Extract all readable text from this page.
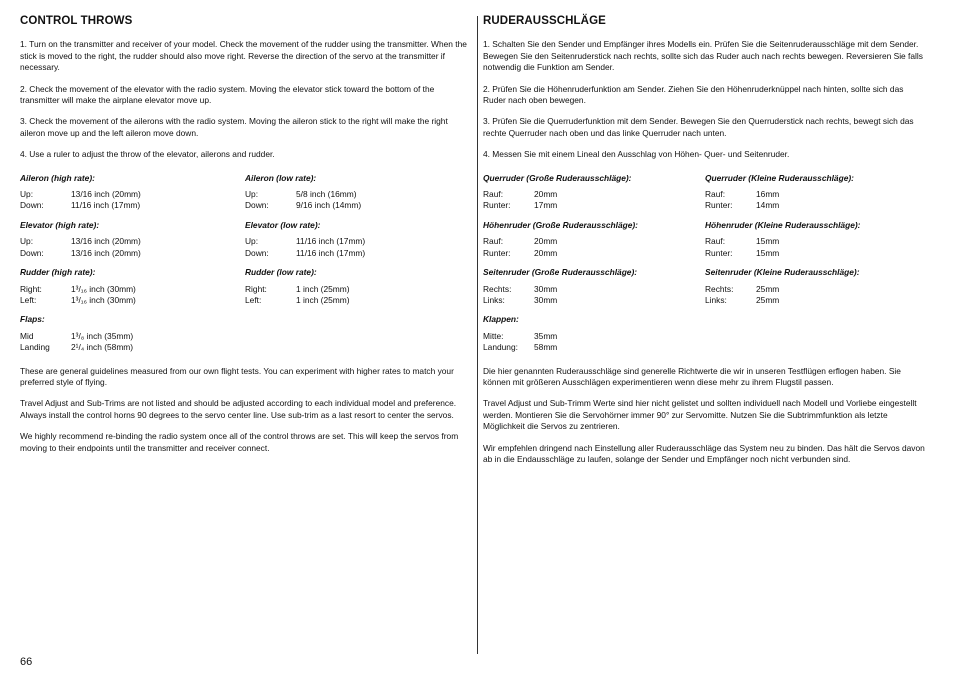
CONTROL THROWS

1. Turn on the transmitter and receiver of your model. Check the movement of the rudder using the transmitter. When the stick is moved to the right, the rudder should also move right. Reverse the direction of the servo at the transmitter if necessary.

2. Check the movement of the elevator with the radio system. Moving the elevator stick toward the bottom of the transmitter will make the airplane elevator move up.

3. Check the movement of the ailerons with the radio system. Moving the aileron stick to the right will make the right aileron move up and the left aileron move down.

4. Use a ruler to adjust the throw of the elevator, ailerons and rudder.

Aileron (high rate):
Up:	13/16 inch (20mm)
Down:	11/16 inch (17mm)
Aileron (low rate):
Up:	5/8 inch (16mm)
Down:	9/16 inch (14mm)
Elevator (high rate):
Up:	13/16 inch (20mm)
Down:	13/16 inch (20mm)
Elevator (low rate):
Up:	11/16 inch (17mm)
Down:	11/16 inch (17mm)
Rudder (high rate):
Right:	1³/₁₆ inch (30mm)
Left:	1³/₁₆ inch (30mm)
Rudder (low rate):
Right:	1 inch (25mm)
Left:	1 inch (25mm)
Flaps:
Mid	1³/₈ inch (35mm)
Landing	2¹/₄ inch (58mm)

These are general guidelines measured from our own flight tests. You can experiment with higher rates to match your preferred style of flying.

Travel Adjust and Sub-Trims are not listed and should be adjusted according to each individual model and preference. Always install the control horns 90 degrees to the servo center line. Use sub-trim as a last resort to center the servos.

We highly recommend re-binding the radio system once all of the control throws are set. This will keep the servos from moving to their endpoints until the transmitter and receiver connect.

RUDERAUSSCHLÄGE

1. Schalten Sie den Sender und Empfänger ihres Modells ein. Prüfen Sie die Seitenruderausschläge mit dem Sender. Bewegen Sie den Seitenruderstick nach rechts, sollte sich das Ruder auch nach rechts bewegen. Reversieren Sie falls notwendig die Funktion am Sender.

2. Prüfen Sie die Höhenruderfunktion am Sender. Ziehen Sie den Höhenruderknüppel nach hinten, sollte sich das Ruder nach oben bewegen.

3. Prüfen Sie die Querruderfunktion mit dem Sender. Bewegen Sie den Querruderstick nach rechts, bewegt sich das rechte Querruder nach oben und das linke Querruder nach unten.

4. Messen Sie mit einem Lineal den Ausschlag von Höhen- Quer- und Seitenruder.

Querruder (Große Ruderausschläge):
Rauf:	20mm
Runter:	17mm
Querruder (Kleine Ruderausschläge):
Rauf:	16mm
Runter:	14mm
Höhenruder (Große Ruderausschläge):
Rauf:	20mm
Runter:	20mm
Höhenruder (Kleine Ruderausschläge):
Rauf:	15mm
Runter:	15mm
Seitenruder (Große Ruderausschläge):
Rechts:	30mm
Links:	30mm
Seitenruder (Kleine Ruderausschläge):
Rechts:	25mm
Links:	25mm
Klappen:
Mitte:	35mm
Landung:	58mm

Die hier genannten Ruderausschläge sind generelle Richtwerte die wir in unseren Testflügen erflogen haben. Sie können mit größeren Ausschlägen experimentieren wenn diese mehr zu ihrem Flugstil passen.

Travel Adjust und Sub-Trimm Werte sind hier nicht gelistet und sollten individuell nach Modell und Vorliebe eingestellt werden. Montieren Sie die Servohörner immer 90° zur Servomitte. Nutzen Sie die Subtrimmfunktion als letzte Möglichkeit die Servos zu zentrieren.

Wir empfehlen dringend nach Einstellung aller Ruderausschläge das System neu zu binden. Das hält die Servos davon ab in die Endausschläge zu laufen, solange der Sender und Empfänger noch nicht verbunden sind.

66
